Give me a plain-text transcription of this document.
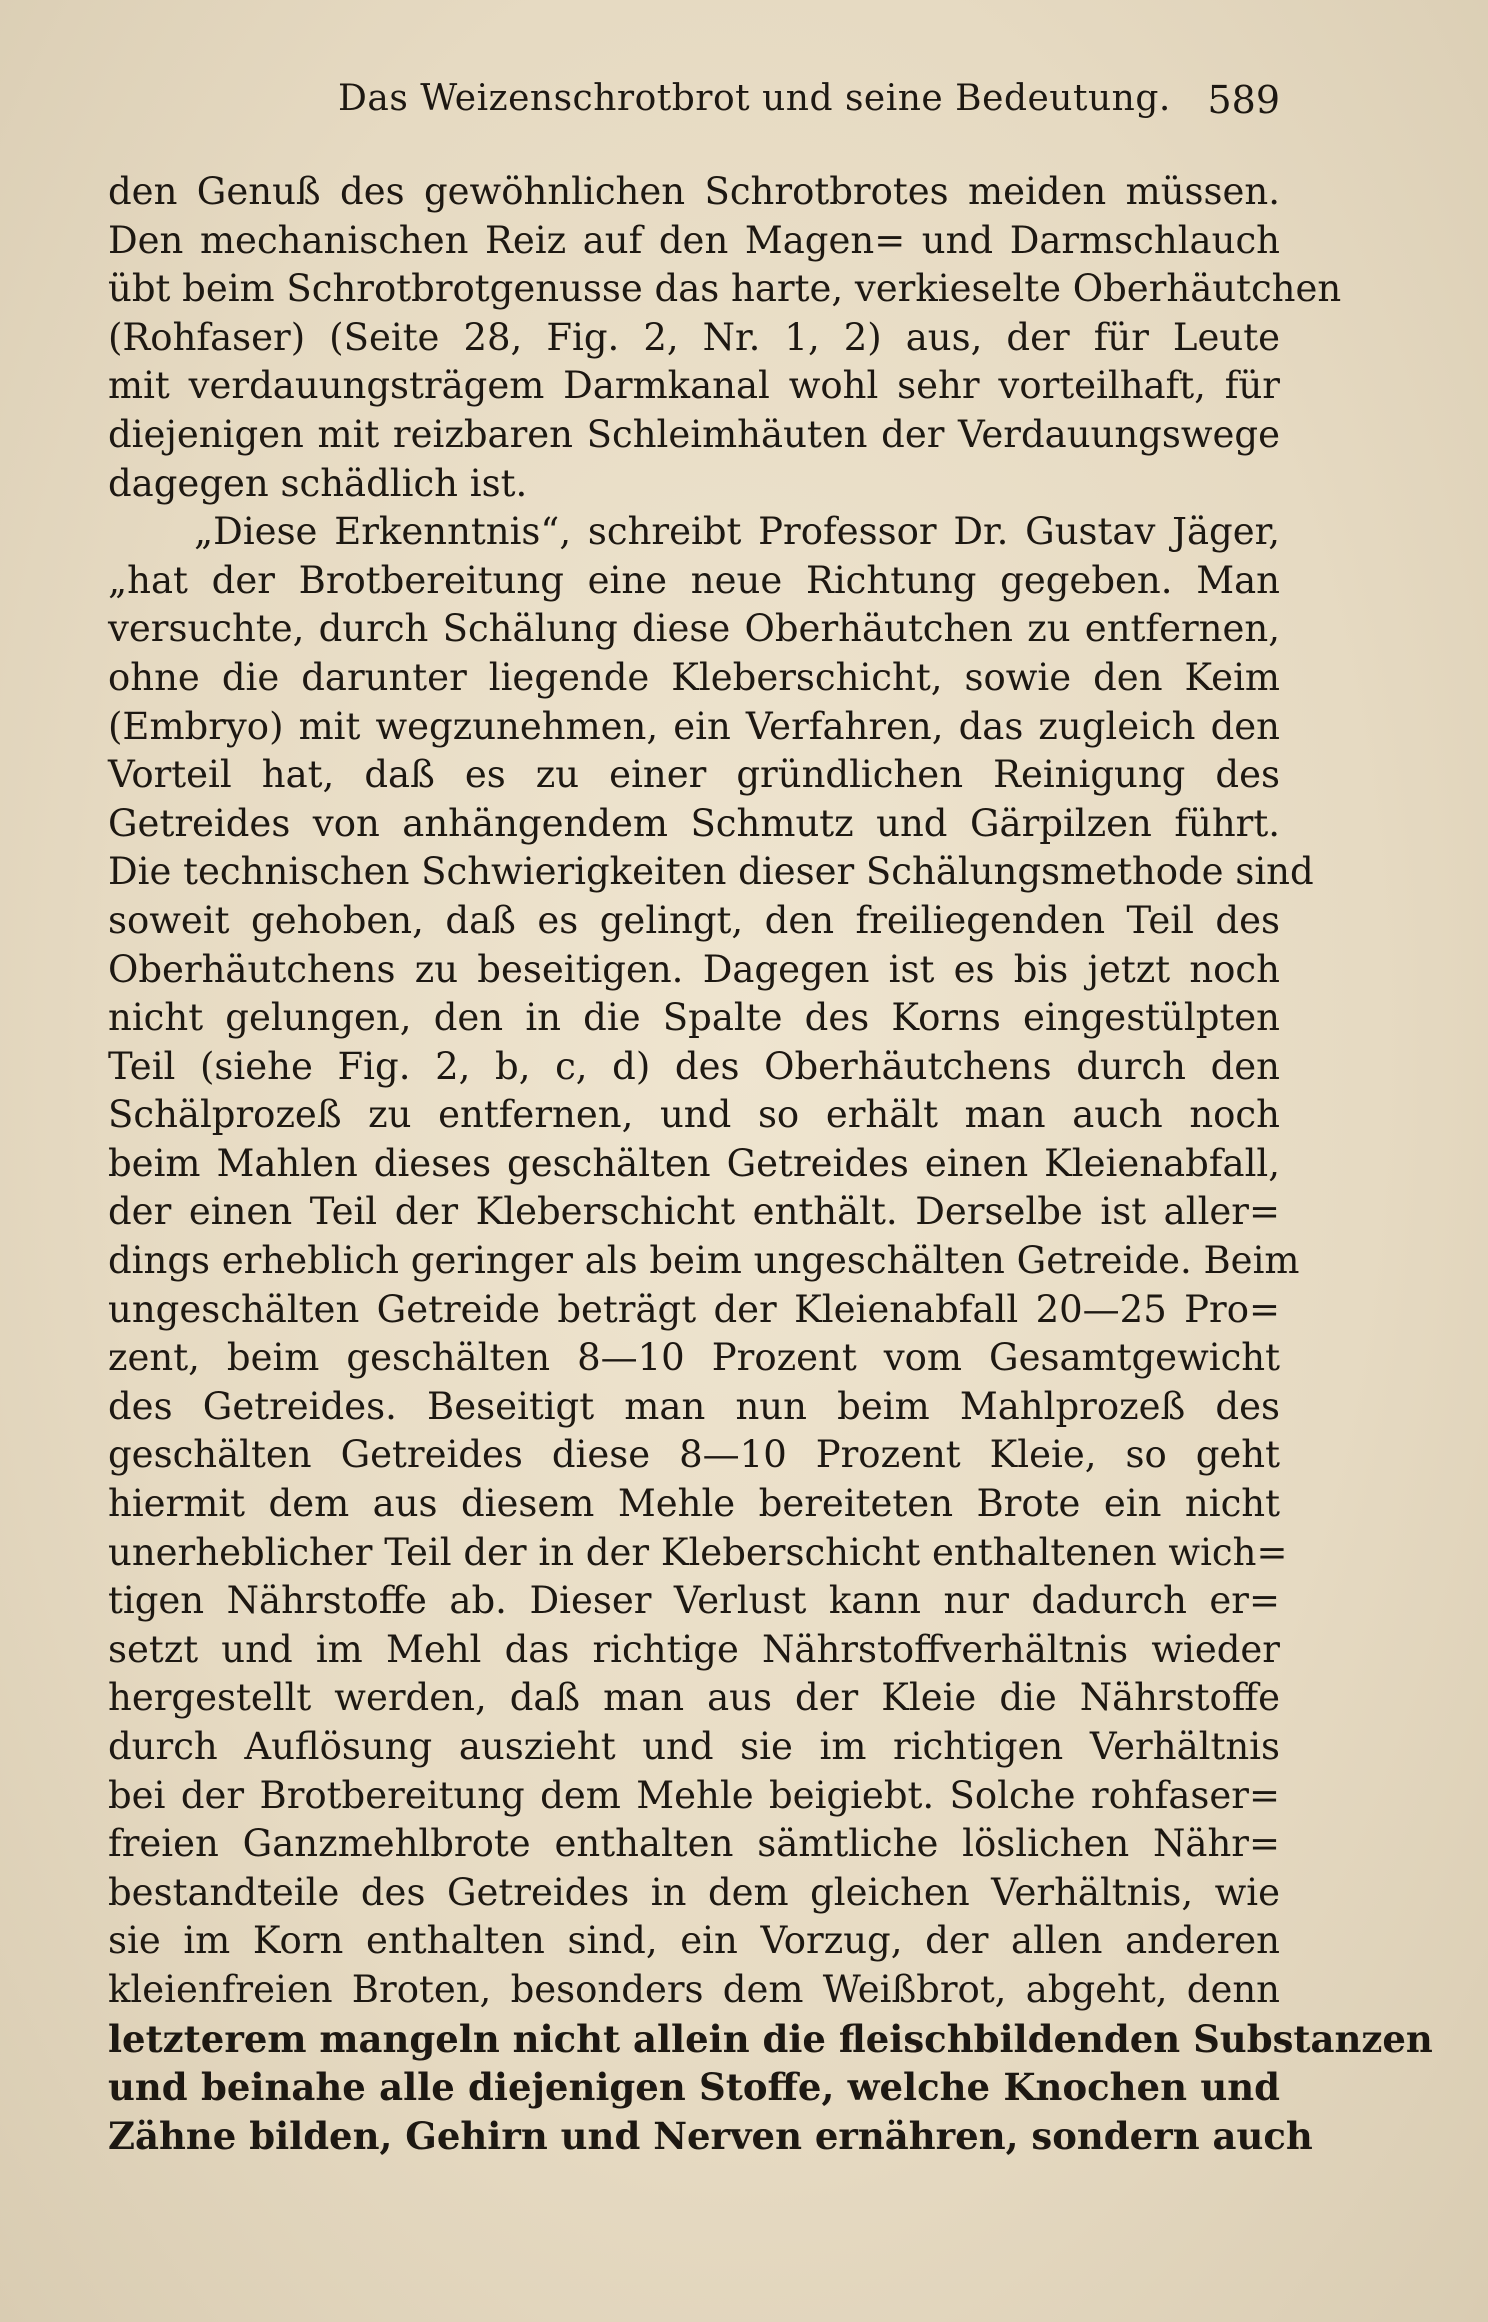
Das Weizenschrotbrot und seine Bedeutung. 589
den Genuß des gewöhnlichen Schrotbrotes meiden müssen.
Den mechanischen Reiz auf den Magen= und Darmschlauch
übt beim Schrotbrotgenusse das harte, verkieselte Oberhäutchen
(Rohfaser) (Seite 28, Fig. 2, Nr. 1, 2) aus, der für Leute
mit verdauungsträgem Darmkanal wohl sehr vorteilhaft, für
diejenigen mit reizbaren Schleimhäuten der Verdauungswege
dagegen schädlich ist.
„Diese Erkenntnis“, schreibt Professor Dr. Gustav Jäger,
„hat der Brotbereitung eine neue Richtung gegeben. Man
versuchte, durch Schälung diese Oberhäutchen zu entfernen,
ohne die darunter liegende Kleberschicht, sowie den Keim
(Embryo) mit wegzunehmen, ein Verfahren, das zugleich den
Vorteil hat, daß es zu einer gründlichen Reinigung des
Getreides von anhängendem Schmutz und Gärpilzen führt.
Die technischen Schwierigkeiten dieser Schälungsmethode sind
soweit gehoben, daß es gelingt, den freiliegenden Teil des
Oberhäutchens zu beseitigen. Dagegen ist es bis jetzt noch
nicht gelungen, den in die Spalte des Korns eingestülpten
Teil (siehe Fig. 2, b, c, d) des Oberhäutchens durch den
Schälprozeß zu entfernen, und so erhält man auch noch
beim Mahlen dieses geschälten Getreides einen Kleienabfall,
der einen Teil der Kleberschicht enthält. Derselbe ist aller=
dings erheblich geringer als beim ungeschälten Getreide. Beim
ungeschälten Getreide beträgt der Kleienabfall 20—25 Pro=
zent, beim geschälten 8—10 Prozent vom Gesamtgewicht
des Getreides. Beseitigt man nun beim Mahlprozeß des
geschälten Getreides diese 8—10 Prozent Kleie, so geht
hiermit dem aus diesem Mehle bereiteten Brote ein nicht
unerheblicher Teil der in der Kleberschicht enthaltenen wich=
tigen Nährstoffe ab. Dieser Verlust kann nur dadurch er=
setzt und im Mehl das richtige Nährstoffverhältnis wieder
hergestellt werden, daß man aus der Kleie die Nährstoffe
durch Auflösung auszieht und sie im richtigen Verhältnis
bei der Brotbereitung dem Mehle beigiebt. Solche rohfaser=
freien Ganzmehlbrote enthalten sämtliche löslichen Nähr=
bestandteile des Getreides in dem gleichen Verhältnis, wie
sie im Korn enthalten sind, ein Vorzug, der allen anderen
kleienfreien Broten, besonders dem Weißbrot, abgeht, denn
letzterem mangeln nicht allein die fleischbildenden Substanzen
und beinahe alle diejenigen Stoffe, welche Knochen und
Zähne bilden, Gehirn und Nerven ernähren, sondern auch
